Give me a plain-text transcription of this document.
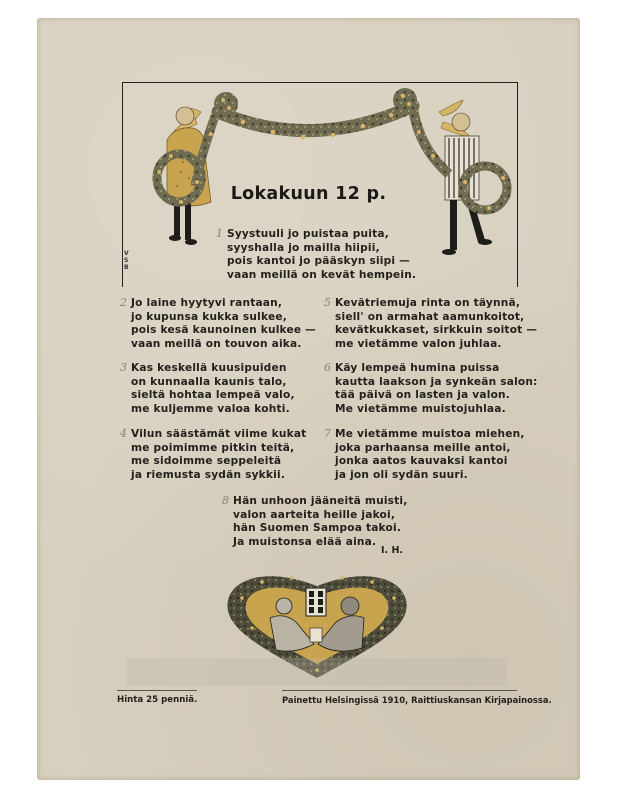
VSB
Lokakuun 12 p.
1 Syystuuli jo puistaa puita,
syyshalla jo mailla hiipii,
pois kantoi jo pääskyn siipi —
vaan meillä on kevät hempein.
2 Jo laine hyytyvi rantaan,
jo kupunsa kukka sulkee,
pois kesä kaunoinen kulkee —
vaan meillä on touvon aika.
3 Kas keskellä kuusipuiden
on kunnaalla kaunis talo,
sieltä hohtaa lempeä valo,
me kuljemme valoa kohti.
4 Vilun säästämät viime kukat
me poimimme pitkin teitä,
me sidoimme seppeleitä
ja riemusta sydän sykkii.
5 Kevätriemuja rinta on täynnä,
siell' on armahat aamunkoitot,
kevätkukkaset, sirkkuin soitot —
me vietämme valon juhlaa.
6 Käy lempeä humina puissa
kautta laakson ja synkeän salon:
tää päivä on lasten ja valon.
Me vietämme muistojuhlaa.
7 Me vietämme muistoa miehen,
joka parhaansa meille antoi,
jonka aatos kauvaksi kantoi
ja jon oli sydän suuri.
8 Hän unhoon jääneitä muisti,
valon aarteita heille jakoi,
hän Suomen Sampoa takoi.
Ja muistonsa elää aina.
I. H.
Hinta 25 penniä.	Painettu Helsingissä 1910, Raittiuskansan Kirjapainossa.
